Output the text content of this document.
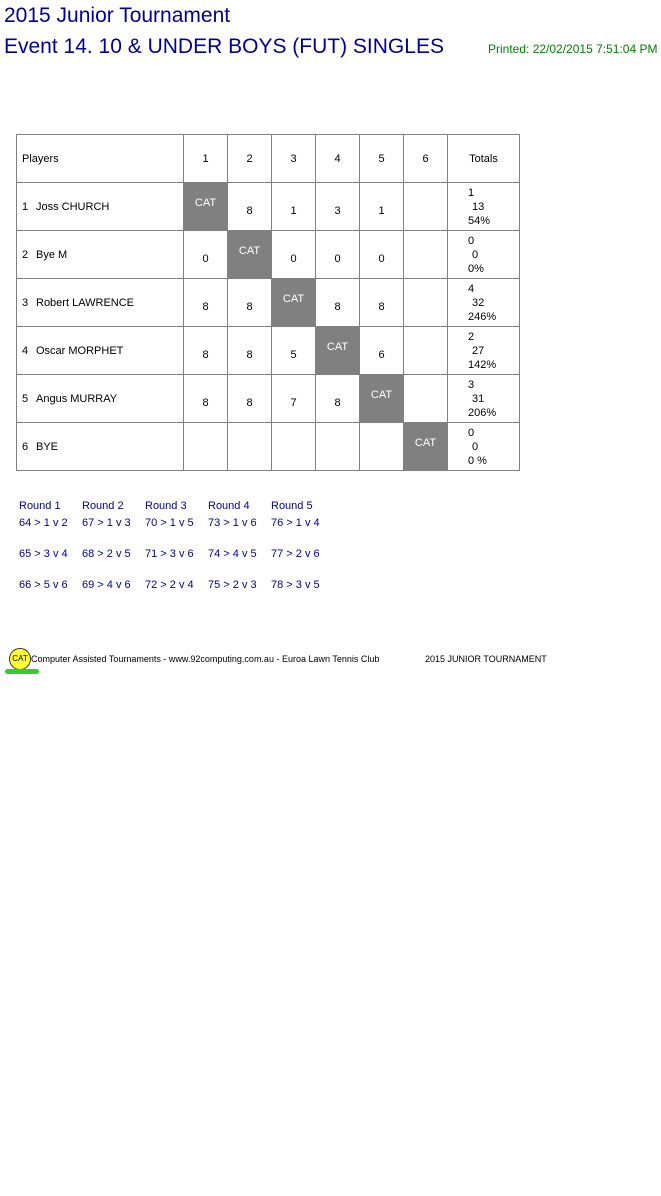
2015 Junior Tournament
Event 14. 10 & UNDER BOYS (FUT) SINGLES	Printed: 22/02/2015 7:51:04 PM
Players	1	2	3	4	5	6	Totals
1 Joss CHURCH	CAT	8	1	3	1		1
13
54%

2 Bye M	0	CAT	0	0	0		0
0
0%

3 Robert LAWRENCE	8	8	CAT	8	8		4
32
246%

4 Oscar MORPHET	8	8	5	CAT	6		2
27
142%

5 Angus MURRAY	8	8	7	8	CAT		3
31
206%

6 BYE						CAT	0
0
0 %
Round 1
64 > 1 v 2
65 > 3 v 4
66 > 5 v 6
Round 2
67 > 1 v 3
68 > 2 v 5
69 > 4 v 6
Round 3
70 > 1 v 5
71 > 3 v 6
72 > 2 v 4
Round 4
73 > 1 v 6
74 > 4 v 5
75 > 2 v 3
Round 5
76 > 1 v 4
77 > 2 v 6
78 > 3 v 5
CAT Computer Assisted Tournaments - www.92computing.com.au - Euroa Lawn Tennis Club	2015 JUNIOR TOURNAMENT
